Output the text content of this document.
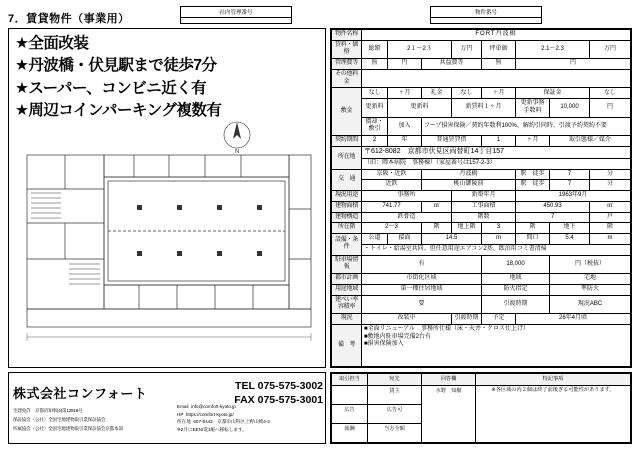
7．賃貸物件（事業用）	社内管理番号	物件番号
★全面改装
★丹波橋・伏見駅まで徒歩7分
★スーパー、コンビニ近く有
★周辺コインパーキング複数有
N
物件名称	FORT丹波橋							
賃料・価格	総額	2１～2３		万円	坪単価	2.1～2.3		万円
管理費等	無	円	共益費等		無	円		
その他料金								
敷金	なし	ヶ月	礼金	なし	ヶ月	保証金		なし
	更新料	更新料		新賃料１ヶ月		更新事務手数料	10,000	円
	償却・敷引	加入	フープ損害保険／契約年数利100%、解約引同時、引渡予約契約不要					
契約期間	2	年	普通賃貸借		1	ヶ月	取引態様／媒介	
所在地	〒612-8082　京都市伏見区両替町14丁目157							
	（旧：岡本病院　事務棟）（家屋番号は157-2-3）							
交　通	京阪・近鉄		丹波橋			駅　徒歩	7	分
	近鉄		桃山御陵前			駅　徒歩	7	分
現況用途	事務所			新築年月		1963年9月		
建物面積	741.77		㎡	工事面積		450.93		㎡
建物構造	鉄骨造			階数		7		戸
所在階	2～3		階	地上階	3	階	地下	階
設備・条件	公道	接面	14.5		m	間口	5.4	m
	・トイレ・給湯室共同、但任意用途エアコン2基、飲泊用コミ書清掃							
駐車場情報	有				18,000		円（税抜）	
都市計画	市街化区域				地域		宅地	
用途地域	第一種住居地域				防火指定		準防火	
建ぺい率容積率	要				引渡時期		現況ABC	
現況	改装中			引渡時期	予定	26年4月頃		
備　考	■全面リニューアル　事務所仕様（床・天井・クロス仕上げ）
■敷地内駐車場完備2台有
■損害保険加入							
株式会社コンフォート	TEL 075-575-3002
FAX 075-575-3001
宅建免許　京都府知事(4)第12918号
保証協会（公社）全国宅地建物取引業保証協会
所属協会（公社）全国宅地建物取引業保証協会京都本部
Email info@comfort-kyoto.jp
HP https://comfort-kyoto.jp/
所在地 607-8442　京都市山科区上野山崎4-2
※2月にEEN/電1帳へ移転します。
取引担当	宛先	回答欄	特記事項
	貸主	水野　知樹	※各区域の内２個は終了前後ぎる可能性があります。
広告	広告可		
報酬	当方全額		
